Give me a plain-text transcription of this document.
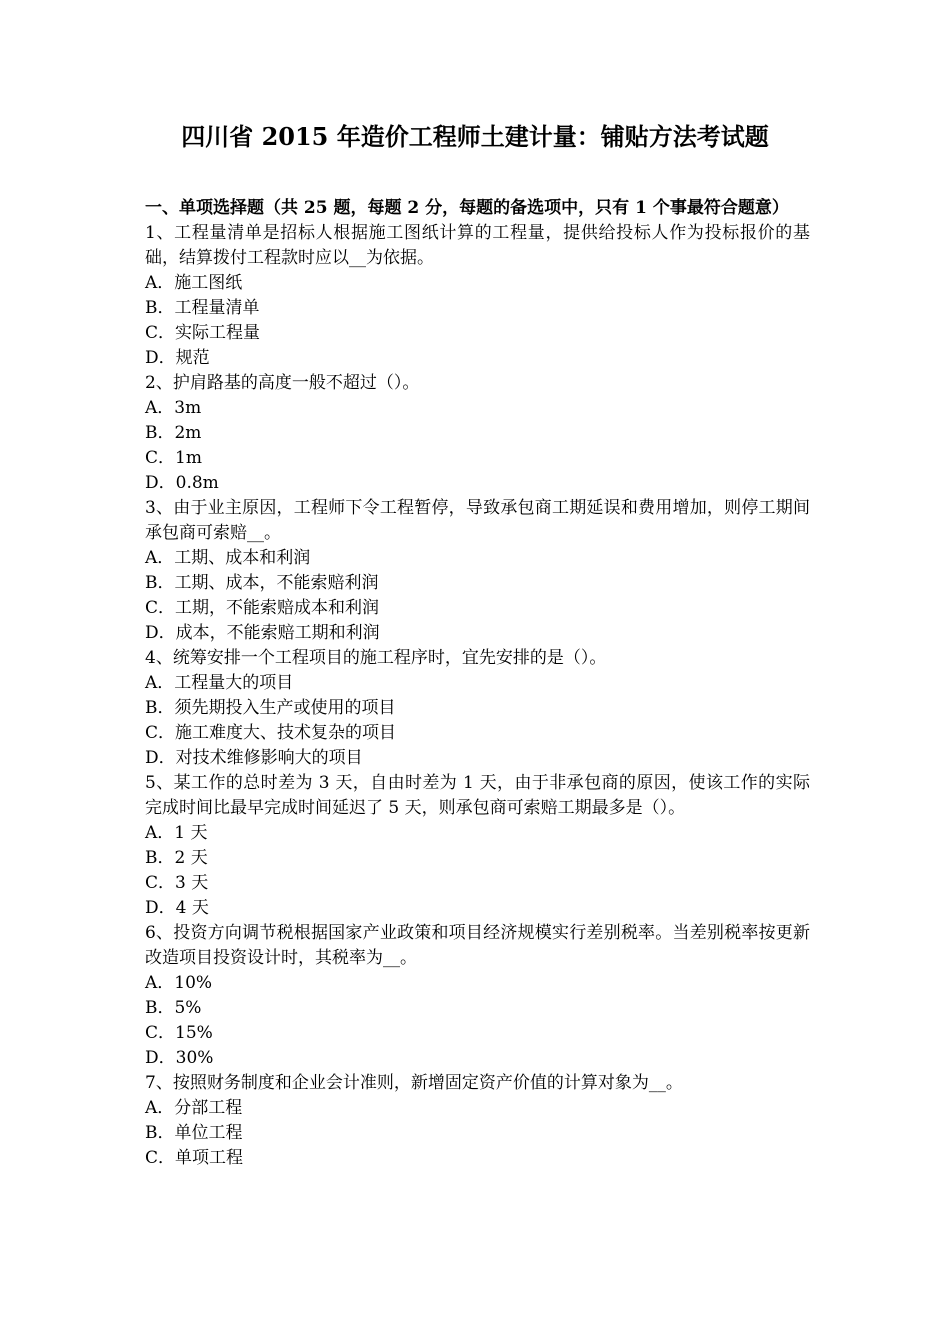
四川省 2015 年造价工程师土建计量：铺贴方法考试题
一、单项选择题（共 25 题，每题 2 分，每题的备选项中，只有 1 个事最符合题意）
1、工程量清单是招标人根据施工图纸计算的工程量，提供给投标人作为投标报价的基础，结算拨付工程款时应以__为依据。
A．施工图纸
B．工程量清单
C．实际工程量
D．规范
2、护肩路基的高度一般不超过（）。
A．3m
B．2m
C．1m
D．0.8m
3、由于业主原因，工程师下令工程暂停，导致承包商工期延误和费用增加，则停工期间承包商可索赔__。
A．工期、成本和利润
B．工期、成本，不能索赔利润
C．工期，不能索赔成本和利润
D．成本，不能索赔工期和利润
4、统筹安排一个工程项目的施工程序时，宜先安排的是（）。
A．工程量大的项目
B．须先期投入生产或使用的项目
C．施工难度大、技术复杂的项目
D．对技术维修影响大的项目
5、某工作的总时差为 3 天，自由时差为 1 天，由于非承包商的原因，使该工作的实际完成时间比最早完成时间延迟了 5 天，则承包商可索赔工期最多是（）。
A．1 天
B．2 天
C．3 天
D．4 天
6、投资方向调节税根据国家产业政策和项目经济规模实行差别税率。当差别税率按更新改造项目投资设计时，其税率为__。
A．10%
B．5%
C．15%
D．30%
7、按照财务制度和企业会计准则，新增固定资产价值的计算对象为__。
A．分部工程
B．单位工程
C．单项工程
